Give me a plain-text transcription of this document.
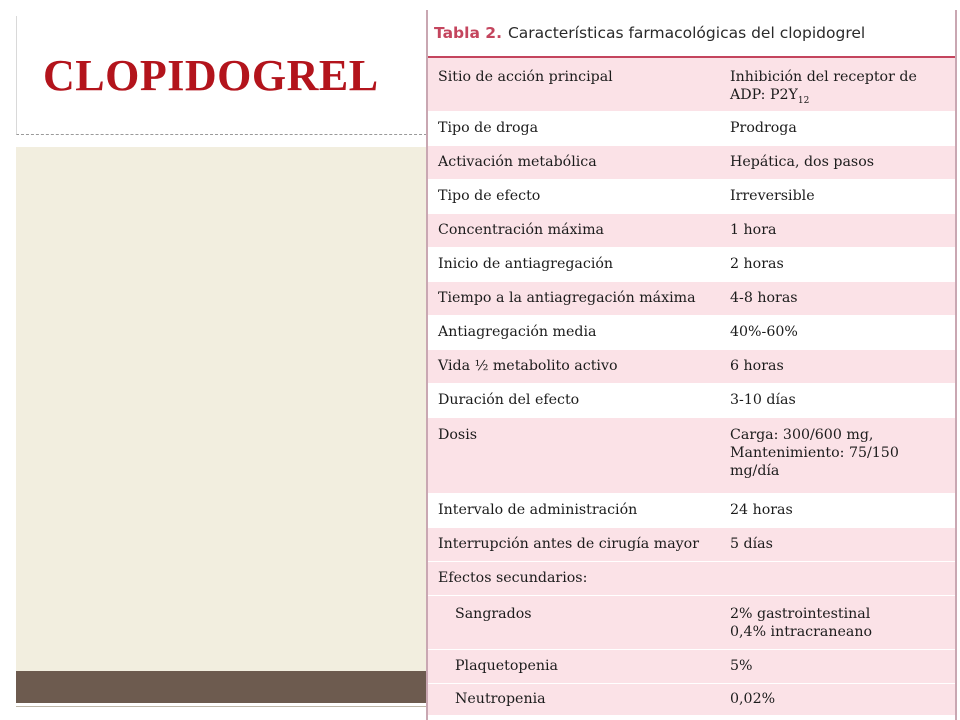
CLOPIDOGREL
Tabla 2. Características farmacológicas del clopidogrel
Sitio de acción principal	Inhibición del receptor de
ADP: $P2Y_{12}$
Tipo de droga	Prodroga
Activación metabólica	Hepática, dos pasos
Tipo de efecto	Irreversible
Concentración máxima	1 hora
Inicio de antiagregación	2 horas
Tiempo a la antiagregación máxima	4-8 horas
Antiagregación media	40%-60%
Vida ½ metabolito activo	6 horas
Duración del efecto	3-10 días
Dosis	Carga: 300/600 mg,
Mantenimiento: 75/150
mg/día
Intervalo de administración	24 horas
Interrupción antes de cirugía mayor	5 días
Efectos secundarios:
Sangrados	2% gastrointestinal
0,4% intracraneano
Plaquetopenia	5%
Neutropenia	0,02%
